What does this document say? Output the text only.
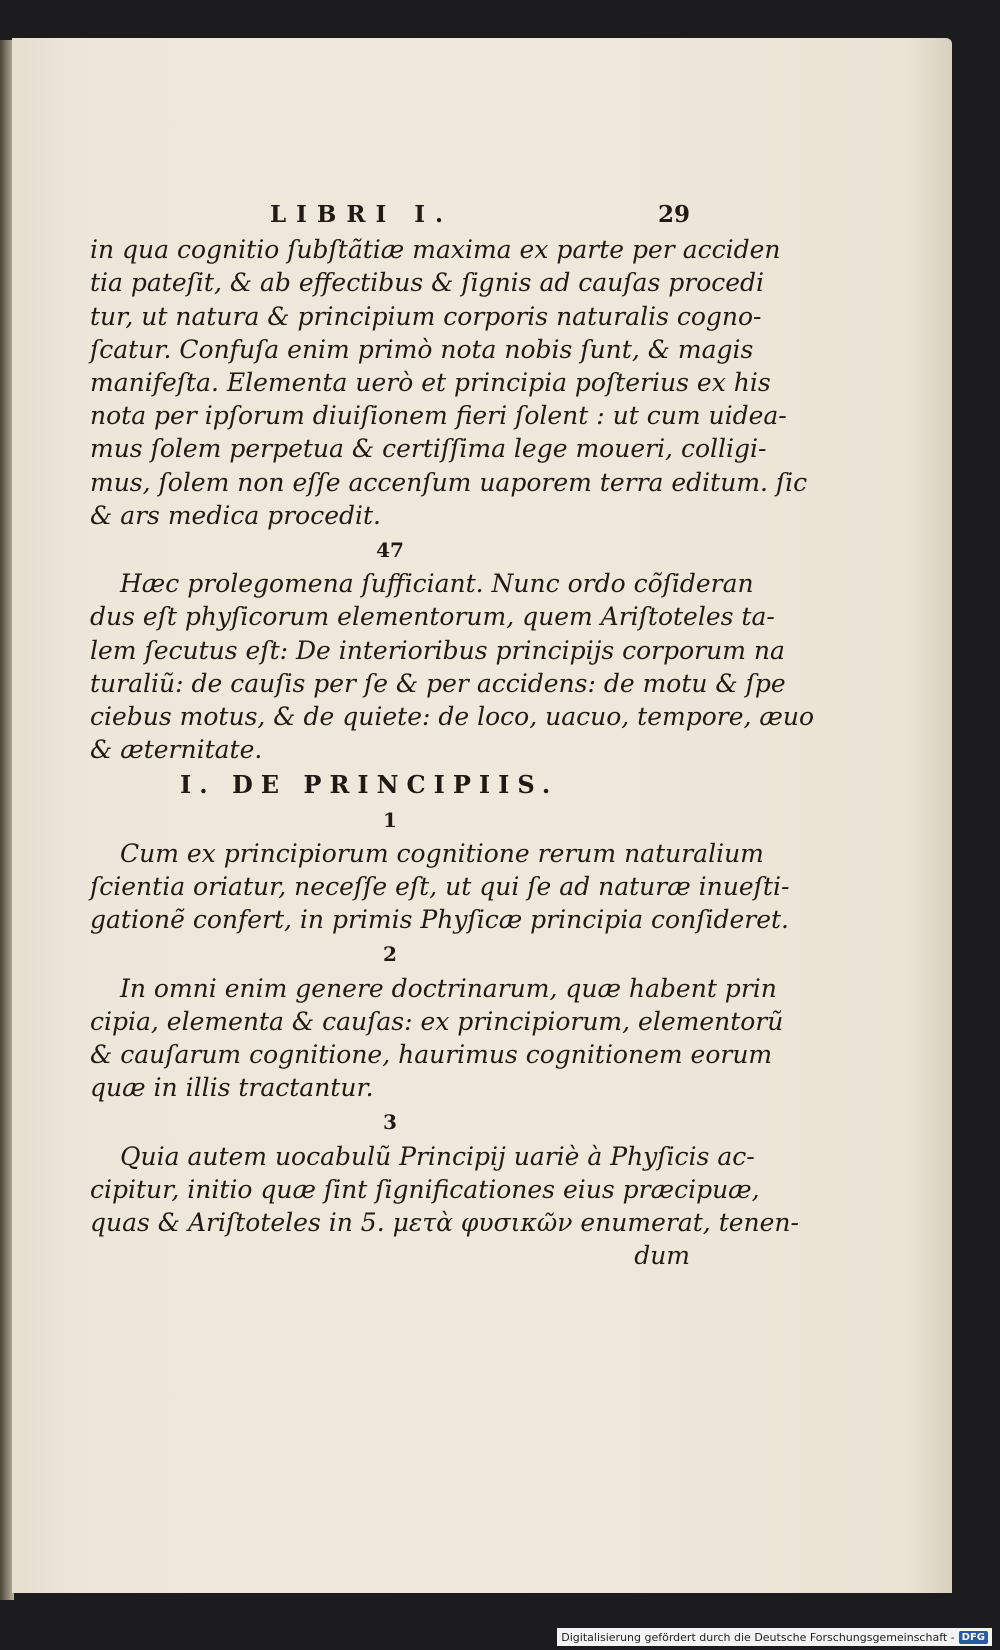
LIBRI I.	29
in qua cognitio ſubſtãtiæ maxima ex parte per acciden
tia pateſit, & ab effectibus & ſignis ad cauſas procedi
tur, ut natura & principium corporis naturalis cogno-
ſcatur. Confuſa enim primò nota nobis ſunt, & magis
manifeſta. Elementa uerò et principia poſterius ex his
nota per ipſorum diuiſionem fieri ſolent : ut cum uidea-
mus ſolem perpetua & certiſſima lege moueri, colligi-
mus, ſolem non eſſe accenſum uaporem terra editum. ſic
& ars medica procedit.
47
Hæc prolegomena ſufficiant. Nunc ordo cõſideran
dus eſt phyſicorum elementorum, quem Ariſtoteles ta-
lem ſecutus eſt: De interioribus principijs corporum na
turaliũ: de cauſis per ſe & per accidens: de motu & ſpe
ciebus motus, & de quiete: de loco, uacuo, tempore, æuo
& æternitate.
I. DE PRINCIPIIS.
1
Cum ex principiorum cognitione rerum naturalium
ſcientia oriatur, neceſſe eſt, ut qui ſe ad naturæ inueſti-
gationẽ confert, in primis Phyſicæ principia conſideret.
2
In omni enim genere doctrinarum, quæ habent prin
cipia, elementa & cauſas: ex principiorum, elementorũ
& cauſarum cognitione, haurimus cognitionem eorum
quæ in illis tractantur.
3
Quia autem uocabulũ Principij uariè à Phyſicis ac-
cipitur, initio quæ ſint ſignificationes eius præcipuæ,
quas & Ariſtoteles in 5. μετὰ φυσικῶν enumerat, tenen-
dum
Digitalisierung gefördert durch die Deutsche Forschungsgemeinschaft - DFG
